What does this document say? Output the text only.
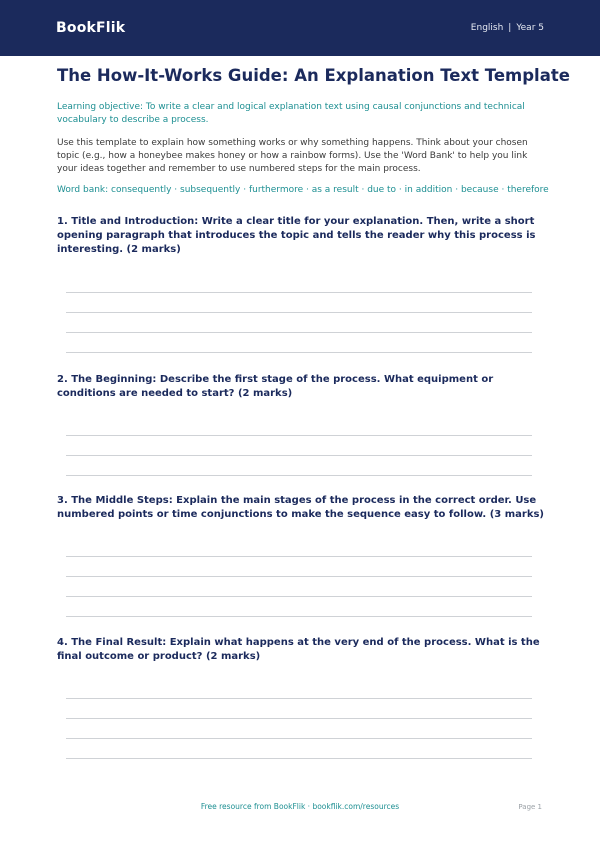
BookFlik	English | Year 5
The How-It-Works Guide: An Explanation Text Template
Learning objective: To write a clear and logical explanation text using causal conjunctions and technical vocabulary to describe a process.
Use this template to explain how something works or why something happens. Think about your chosen topic (e.g., how a honeybee makes honey or how a rainbow forms). Use the 'Word Bank' to help you link your ideas together and remember to use numbered steps for the main process.
Word bank: consequently · subsequently · furthermore · as a result · due to · in addition · because · therefore

1. Title and Introduction: Write a clear title for your explanation. Then, write a short opening paragraph that introduces the topic and tells the reader why this process is interesting. (2 marks)

2. The Beginning: Describe the first stage of the process. What equipment or conditions are needed to start? (2 marks)

3. The Middle Steps: Explain the main stages of the process in the correct order. Use numbered points or time conjunctions to make the sequence easy to follow. (3 marks)

4. The Final Result: Explain what happens at the very end of the process. What is the final outcome or product? (2 marks)

Free resource from BookFlik · bookflik.com/resources	Page 1
